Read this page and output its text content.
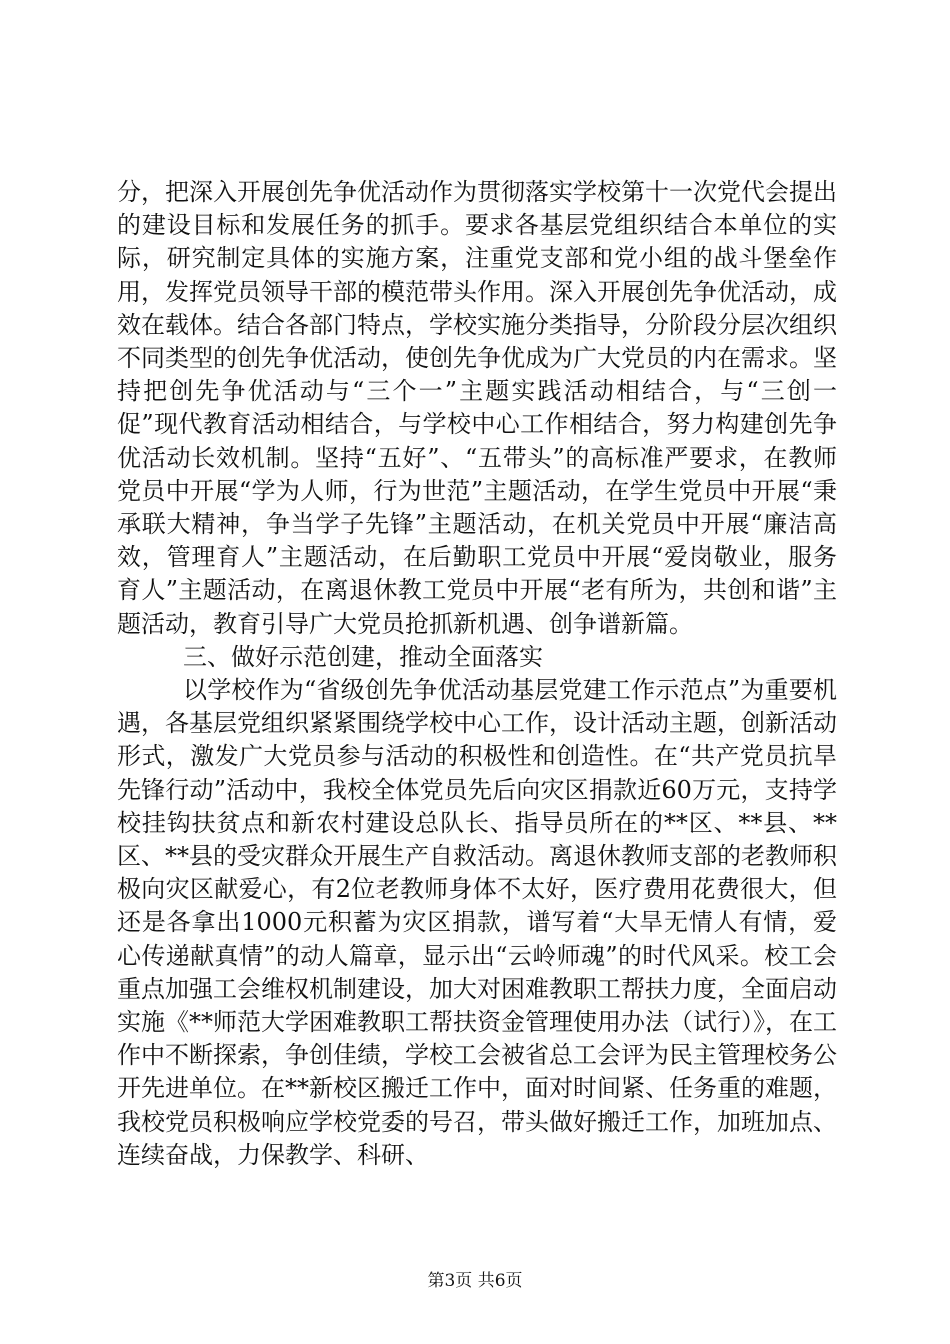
分，把深入开展创先争优活动作为贯彻落实学校第十一次党代会提出的建设目标和发展任务的抓手。要求各基层党组织结合本单位的实际，研究制定具体的实施方案，注重党支部和党小组的战斗堡垒作用，发挥党员领导干部的模范带头作用。深入开展创先争优活动，成效在载体。结合各部门特点，学校实施分类指导，分阶段分层次组织不同类型的创先争优活动，使创先争优成为广大党员的内在需求。坚持把创先争优活动与“三个一”主题实践活动相结合，与“三创一促”现代教育活动相结合，与学校中心工作相结合，努力构建创先争优活动长效机制。坚持“五好”、“五带头”的高标准严要求，在教师党员中开展“学为人师，行为世范”主题活动，在学生党员中开展“秉承联大精神，争当学子先锋”主题活动，在机关党员中开展“廉洁高效，管理育人”主题活动，在后勤职工党员中开展“爱岗敬业，服务育人”主题活动，在离退休教工党员中开展“老有所为，共创和谐”主题活动，教育引导广大党员抢抓新机遇、创争谱新篇。

三、做好示范创建，推动全面落实

以学校作为“省级创先争优活动基层党建工作示范点”为重要机遇，各基层党组织紧紧围绕学校中心工作，设计活动主题，创新活动形式，激发广大党员参与活动的积极性和创造性。在“共产党员抗旱先锋行动”活动中，我校全体党员先后向灾区捐款近60万元，支持学校挂钩扶贫点和新农村建设总队长、指导员所在的**区、**县、**区、**县的受灾群众开展生产自救活动。离退休教师支部的老教师积极向灾区献爱心，有2位老教师身体不太好，医疗费用花费很大，但还是各拿出1000元积蓄为灾区捐款，谱写着“大旱无情人有情，爱心传递献真情”的动人篇章，显示出“云岭师魂”的时代风采。校工会重点加强工会维权机制建设，加大对困难教职工帮扶力度，全面启动实施《**师范大学困难教职工帮扶资金管理使用办法（试行）》，在工作中不断探索，争创佳绩，学校工会被省总工会评为民主管理校务公开先进单位。在**新校区搬迁工作中，面对时间紧、任务重的难题，我校党员积极响应学校党委的号召，带头做好搬迁工作，加班加点、连续奋战，力保教学、科研、

第3页 共6页
